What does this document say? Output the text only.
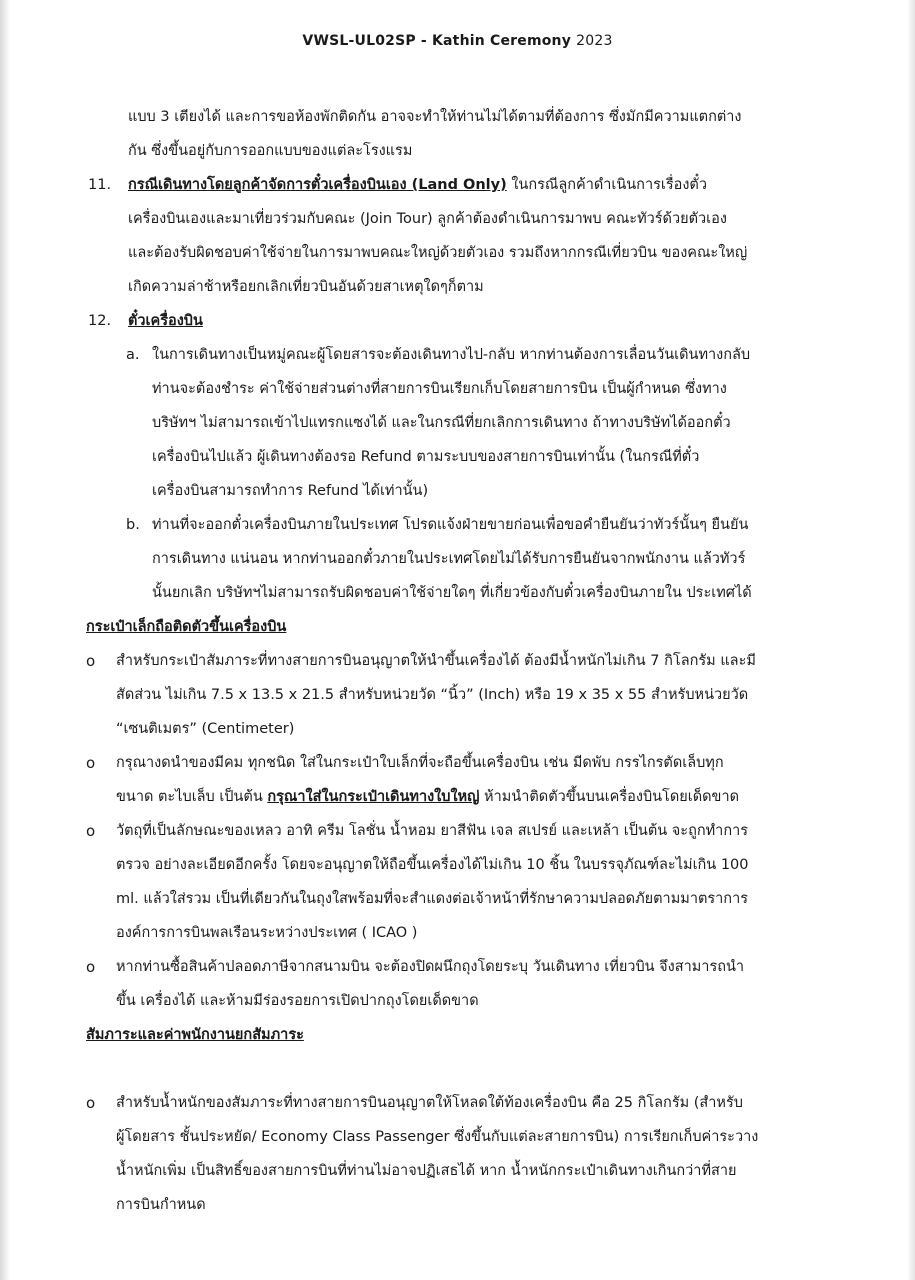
VWSL-UL02SP - Kathin Ceremony 2023

แบบ 3 เตียงได้ และการขอห้องพักติดกัน อาจจะทำให้ท่านไม่ได้ตามที่ต้องการ ซึ่งมักมีความแตกต่าง

กัน ซึ่งขึ้นอยู่กับการออกแบบของแต่ละโรงแรม

11. กรณีเดินทางโดยลูกค้าจัดการตั๋วเครื่องบินเอง (Land Only) ในกรณีลูกค้าดำเนินการเรื่องตั๋ว

เครื่องบินเองและมาเที่ยวร่วมกับคณะ (Join Tour) ลูกค้าต้องดำเนินการมาพบ คณะทัวร์ด้วยตัวเอง

และต้องรับผิดชอบค่าใช้จ่ายในการมาพบคณะใหญ่ด้วยตัวเอง รวมถึงหากกรณีเที่ยวบิน ของคณะใหญ่

เกิดความล่าช้าหรือยกเลิกเที่ยวบินอันด้วยสาเหตุใดๆก็ตาม

12. ตั๋วเครื่องบิน

a. ในการเดินทางเป็นหมู่คณะผู้โดยสารจะต้องเดินทางไป-กลับ หากท่านต้องการเลื่อนวันเดินทางกลับ

ท่านจะต้องชำระ ค่าใช้จ่ายส่วนต่างที่สายการบินเรียกเก็บโดยสายการบิน เป็นผู้กำหนด ซึ่งทาง

บริษัทฯ ไม่สามารถเข้าไปแทรกแซงได้ และในกรณีที่ยกเลิกการเดินทาง ถ้าทางบริษัทได้ออกตั๋ว

เครื่องบินไปแล้ว ผู้เดินทางต้องรอ Refund ตามระบบของสายการบินเท่านั้น (ในกรณีที่ตั๋ว

เครื่องบินสามารถทำการ Refund ได้เท่านั้น)

b. ท่านที่จะออกตั๋วเครื่องบินภายในประเทศ โปรดแจ้งฝ่ายขายก่อนเพื่อขอคำยืนยันว่าทัวร์นั้นๆ ยืนยัน

การเดินทาง แน่นอน หากท่านออกตั๋วภายในประเทศโดยไม่ได้รับการยืนยันจากพนักงาน แล้วทัวร์

นั้นยกเลิก บริษัทฯไม่สามารถรับผิดชอบค่าใช้จ่ายใดๆ ที่เกี่ยวข้องกับตั๋วเครื่องบินภายใน ประเทศได้

กระเป๋าเล็กถือติดตัวขึ้นเครื่องบิน

o สำหรับกระเป๋าสัมภาระที่ทางสายการบินอนุญาตให้นำขึ้นเครื่องได้ ต้องมีน้ำหนักไม่เกิน 7 กิโลกรัม และมี

สัดส่วน ไม่เกิน 7.5 x 13.5 x 21.5 สำหรับหน่วยวัด “นิ้ว” (Inch) หรือ 19 x 35 x 55 สำหรับหน่วยวัด

“เซนติเมตร” (Centimeter)

o กรุณางดนำของมีคม ทุกชนิด ใส่ในกระเป๋าใบเล็กที่จะถือขึ้นเครื่องบิน เช่น มีดพับ กรรไกรตัดเล็บทุก

ขนาด ตะไบเล็บ เป็นต้น กรุณาใส่ในกระเป๋าเดินทางใบใหญ่ ห้ามนำติดตัวขึ้นบนเครื่องบินโดยเด็ดขาด

o วัตถุที่เป็นลักษณะของเหลว อาทิ ครีม โลชั่น น้ำหอม ยาสีฟัน เจล สเปรย์ และเหล้า เป็นต้น จะถูกทำการ

ตรวจ อย่างละเอียดอีกครั้ง โดยจะอนุญาตให้ถือขึ้นเครื่องได้ไม่เกิน 10 ชิ้น ในบรรจุภัณฑ์ละไม่เกิน 100

ml. แล้วใส่รวม เป็นที่เดียวกันในถุงใสพร้อมที่จะสำแดงต่อเจ้าหน้าที่รักษาความปลอดภัยตามมาตราการ

องค์การการบินพลเรือนระหว่างประเทศ ( ICAO )

o หากท่านซื้อสินค้าปลอดภาษีจากสนามบิน จะต้องปิดผนึกถุงโดยระบุ วันเดินทาง เที่ยวบิน จึงสามารถนำ

ขึ้น เครื่องได้ และห้ามมีร่องรอยการเปิดปากถุงโดยเด็ดขาด

สัมภาระและค่าพนักงานยกสัมภาระ

o สำหรับน้ำหนักของสัมภาระที่ทางสายการบินอนุญาตให้โหลดใต้ท้องเครื่องบิน คือ 25 กิโลกรัม (สำหรับ

ผู้โดยสาร ชั้นประหยัด/ Economy Class Passenger ซึ่งขึ้นกับแต่ละสายการบิน) การเรียกเก็บค่าระวาง

น้ำหนักเพิ่ม เป็นสิทธิ์ของสายการบินที่ท่านไม่อาจปฏิเสธได้ หาก น้ำหนักกระเป๋าเดินทางเกินกว่าที่สาย

การบินกำหนด
